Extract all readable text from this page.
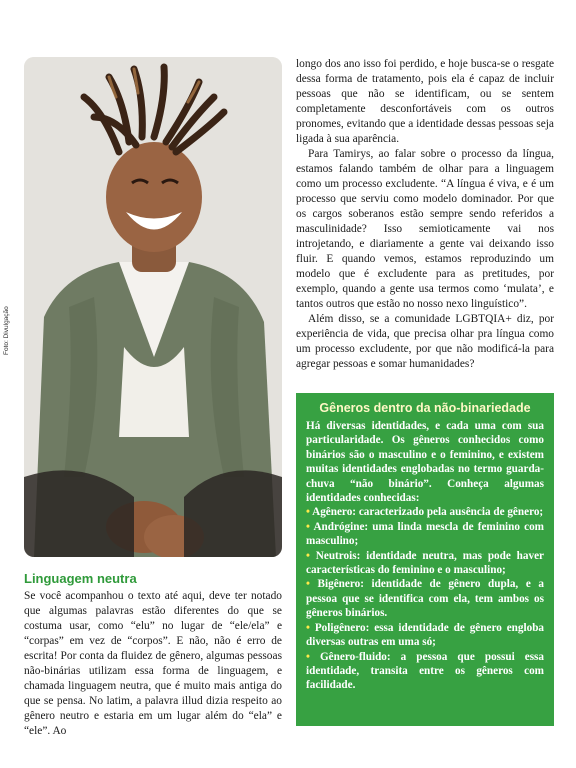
Foto: Divulgação
Linguagem neutra

Se você acompanhou o texto até aqui, deve ter notado que algumas palavras estão diferentes do que se costuma usar, como “elu” no lugar de “ele/ela” e “corpas” em vez de “corpos”. E não, não é erro de escrita! Por conta da fluidez de gênero, algumas pessoas não-binárias utilizam essa forma de linguagem, e chamada linguagem neutra, que é muito mais antiga do que se pensa. No latim, a palavra illud dizia respeito ao gênero neutro e estaria em um lugar além do “ela” e “ele”. Ao

longo dos ano isso foi perdido, e hoje busca-se o resgate dessa forma de tratamento, pois ela é capaz de incluir pessoas que não se identificam, ou se sentem completamente desconfortáveis com os outros pronomes, evitando que a identidade dessas pessoas seja ligada à sua aparência.

Para Tamirys, ao falar sobre o processo da língua, estamos falando também de olhar para a linguagem como um processo excludente. “A língua é viva, e é um processo que serviu como modelo dominador. Por que os cargos soberanos estão sempre sendo referidos a masculinidade? Isso semioticamente vai nos introjetando, e diariamente a gente vai deixando isso fluir. E quando vemos, estamos reproduzindo um modelo que é excludente para as pretitudes, por exemplo, quando a gente usa termos como ‘mulata’, e tantos outros que estão no nosso nexo linguístico”.

Além disso, se a comunidade LGBTQIA+ diz, por experiência de vida, que precisa olhar pra língua como um processo excludente, por que não modificá-la para agregar pessoas e somar humanidades?

Gêneros dentro da não-binariedade

Há diversas identidades, e cada uma com sua particularidade. Os gêneros conhecidos como binários são o masculino e o feminino, e existem muitas identidades englobadas no termo guarda-chuva “não binário”. Conheça algumas identidades conhecidas:

• Agênero: caracterizado pela ausência de gênero;

• Andrógine: uma linda mescla de feminino com masculino;

• Neutrois: identidade neutra, mas pode haver características do feminino e o masculino;

• Bigênero: identidade de gênero dupla, e a pessoa que se identifica com ela, tem ambos os gêneros binários.

• Poligênero: essa identidade de gênero engloba diversas outras em uma só;

• Gênero-fluido: a pessoa que possui essa identidade, transita entre os gêneros com facilidade.
